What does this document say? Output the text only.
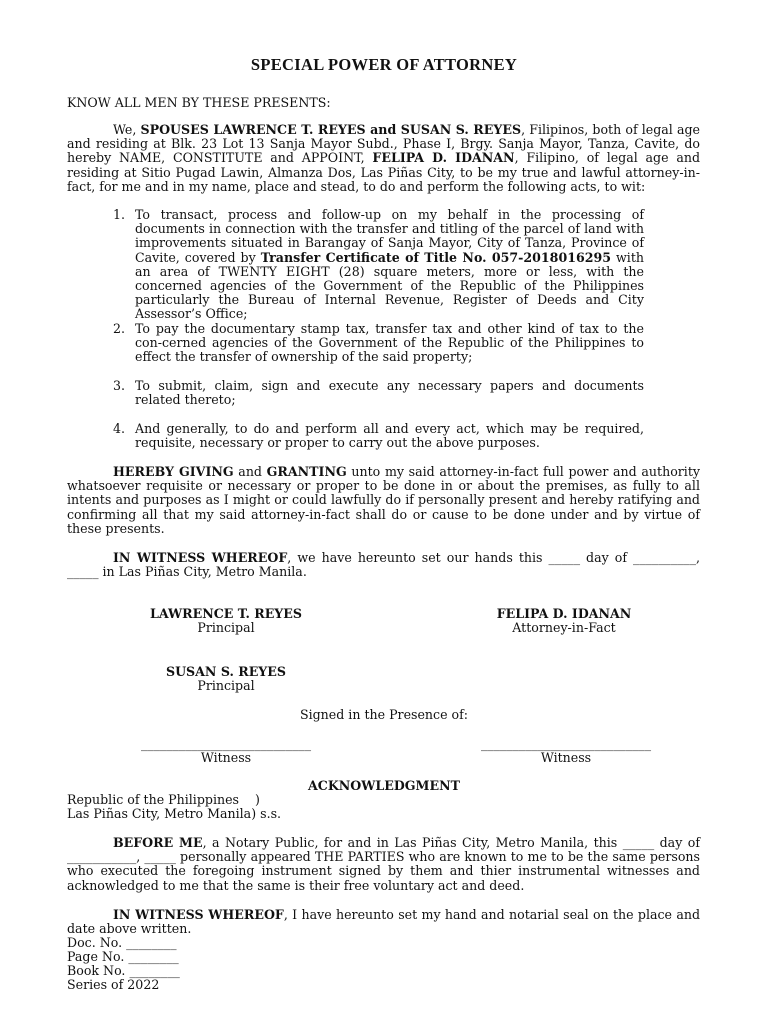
SPECIAL POWER OF ATTORNEY
KNOW ALL MEN BY THESE PRESENTS:
We, SPOUSES LAWRENCE T. REYES and SUSAN S. REYES, Filipinos, both of legal age and residing at Blk. 23 Lot 13 Sanja Mayor Subd., Phase I, Brgy. Sanja Mayor, Tanza, Cavite, do hereby NAME, CONSTITUTE and APPOINT, FELIPA D. IDANAN, Filipino, of legal age and residing at Sitio Pugad Lawin, Almanza Dos, Las Piñas City, to be my true and lawful attorney-in-fact, for me and in my name, place and stead, to do and perform the following acts, to wit:
1. To transact, process and follow-up on my behalf in the processing of documents in connection with the transfer and titling of the parcel of land with improvements situated in Barangay of Sanja Mayor, City of Tanza, Province of Cavite, covered by Transfer Certificate of Title No. 057-2018016295 with an area of TWENTY EIGHT (28) square meters, more or less, with the concerned agencies of the Government of the Republic of the Philippines particularly the Bureau of Internal Revenue, Register of Deeds and City Assessor’s Office;
2. To pay the documentary stamp tax, transfer tax and other kind of tax to the con-cerned agencies of the Government of the Republic of the Philippines to effect the transfer of ownership of the said property;
3. To submit, claim, sign and execute any necessary papers and documents related thereto;
4. And generally, to do and perform all and every act, which may be required, requisite, necessary or proper to carry out the above purposes.
HEREBY GIVING and GRANTING unto my said attorney-in-fact full power and authority whatsoever requisite or necessary or proper to be done in or about the premises, as fully to all intents and purposes as I might or could lawfully do if personally present and hereby ratifying and confirming all that my said attorney-in-fact shall do or cause to be done under and by virtue of these presents.
IN WITNESS WHEREOF, we have hereunto set our hands this _____ day of __________, _____ in Las Piñas City, Metro Manila.
LAWRENCE T. REYES
Principal
FELIPA D. IDANAN
Attorney-in-Fact
SUSAN S. REYES
Principal
Signed in the Presence of:
___________________________
Witness
___________________________
Witness
ACKNOWLEDGMENT
Republic of the Philippines    )
Las Piñas City, Metro Manila) s.s.
BEFORE ME, a Notary Public, for and in Las Piñas City, Metro Manila, this _____ day of ___________, _____ personally appeared THE PARTIES who are known to me to be the same persons who executed the foregoing instrument signed by them and thier instrumental witnesses and acknowledged to me that the same is their free voluntary act and deed.
IN WITNESS WHEREOF, I have hereunto set my hand and notarial seal on the place and date above written.
Doc. No. ________
Page No. ________
Book No. ________
Series of 2022
